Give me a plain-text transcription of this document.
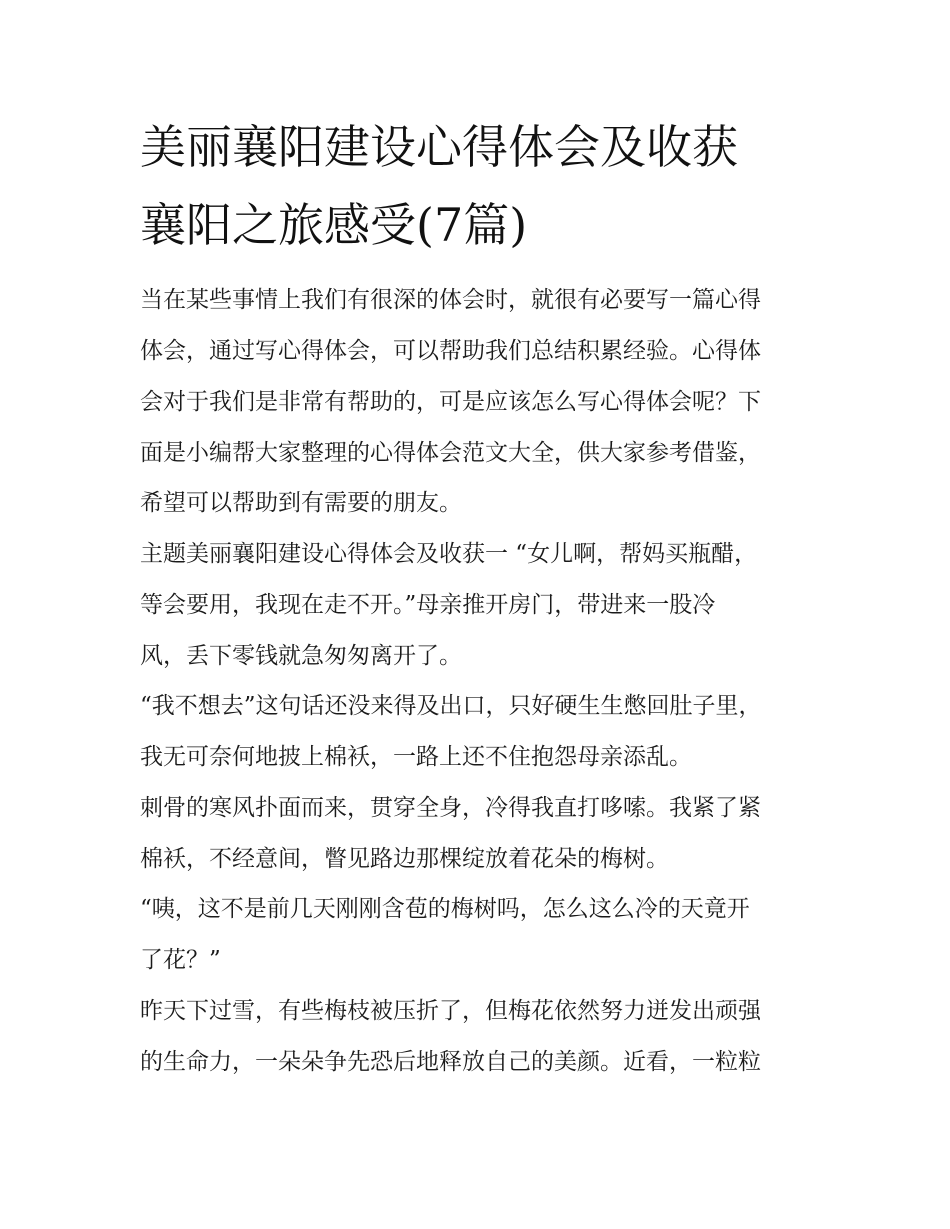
美丽襄阳建设心得体会及收获
襄阳之旅感受(7篇)

当在某些事情上我们有很深的体会时，就很有必要写一篇心得

体会，通过写心得体会，可以帮助我们总结积累经验。心得体

会对于我们是非常有帮助的，可是应该怎么写心得体会呢？下

面是小编帮大家整理的心得体会范文大全，供大家参考借鉴，

希望可以帮助到有需要的朋友。

主题美丽襄阳建设心得体会及收获一 “女儿啊，帮妈买瓶醋，

等会要用，我现在走不开。”母亲推开房门，带进来一股冷

风，丢下零钱就急匆匆离开了。

“我不想去”这句话还没来得及出口，只好硬生生憋回肚子里，

我无可奈何地披上棉袄，一路上还不住抱怨母亲添乱。

刺骨的寒风扑面而来，贯穿全身，冷得我直打哆嗦。我紧了紧

棉袄，不经意间，瞥见路边那棵绽放着花朵的梅树。

“咦，这不是前几天刚刚含苞的梅树吗，怎么这么冷的天竟开

了花？”

昨天下过雪，有些梅枝被压折了，但梅花依然努力迸发出顽强

的生命力，一朵朵争先恐后地释放自己的美颜。近看，一粒粒
